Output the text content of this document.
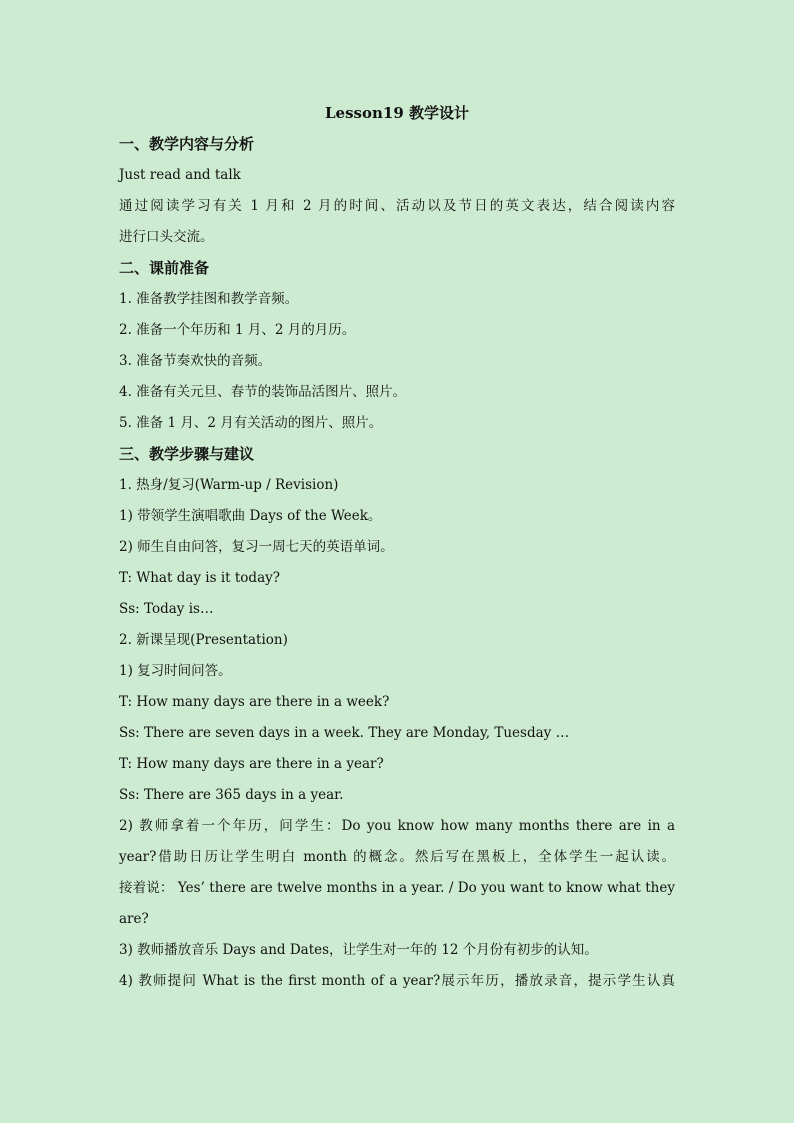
Lesson19 教学设计

一、教学内容与分析

Just read and talk

通过阅读学习有关 1 月和 2 月的时间、活动以及节日的英文表达，结合阅读内容

进行口头交流。

二、课前准备

1. 准备教学挂图和教学音频。

2. 准备一个年历和 1 月、2 月的月历。

3. 准备节奏欢快的音频。

4. 准备有关元旦、春节的装饰品活图片、照片。

5. 准备 1 月、2 月有关活动的图片、照片。

三、教学步骤与建议

1. 热身/复习(Warm-up / Revision)

1) 带领学生演唱歌曲 Days of the Week。

2) 师生自由问答，复习一周七天的英语单词。

T: What day is it today?

Ss: Today is…

2. 新课呈现(Presentation)

1) 复习时间问答。

T: How many days are there in a week?

Ss: There are seven days in a week. They are Monday, Tuesday …

T: How many days are there in a year?

Ss: There are 365 days in a year.

2) 教师拿着一个年历，问学生：Do you know how many months there are in a

year?借助日历让学生明白 month 的概念。然后写在黑板上，全体学生一起认读。

接着说： Yes’ there are twelve months in a year. / Do you want to know what they

are?

3) 教师播放音乐 Days and Dates，让学生对一年的 12 个月份有初步的认知。

4) 教师提问 What is the first month of a year?展示年历，播放录音，提示学生认真
